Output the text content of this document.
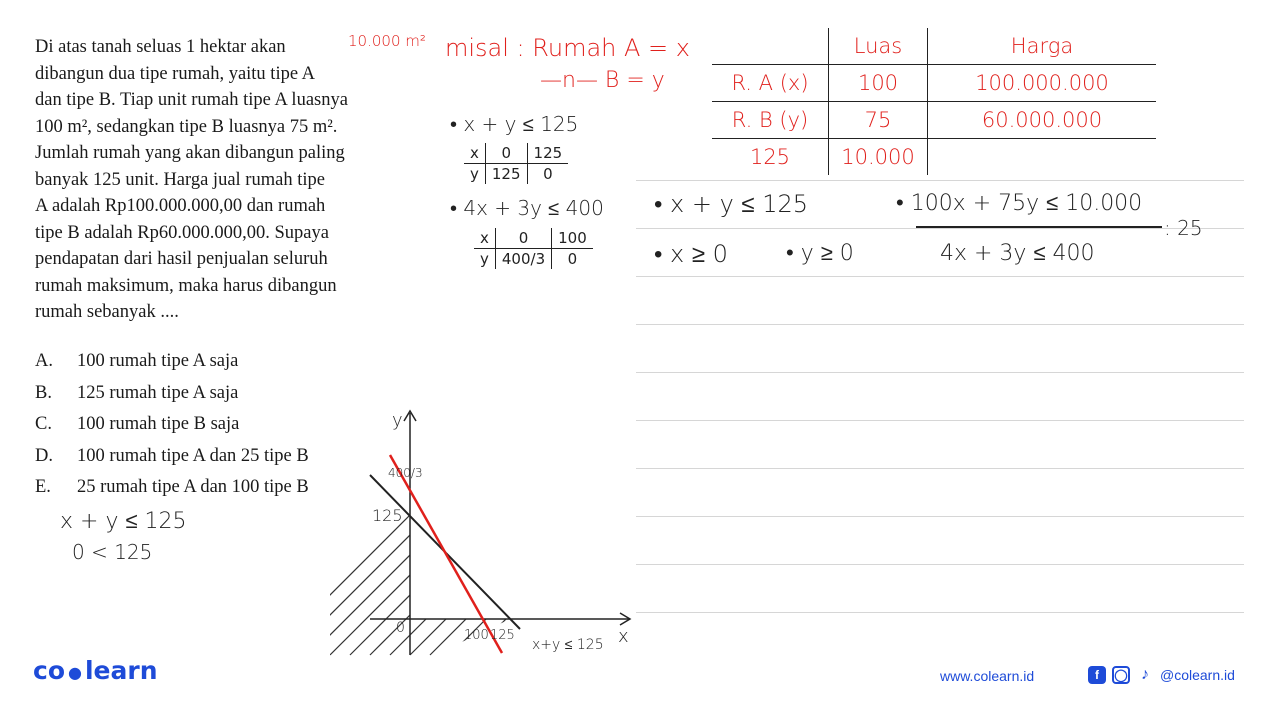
Di atas tanah seluas 1 hektar akan
dibangun dua tipe rumah, yaitu tipe A
dan tipe B. Tiap unit rumah tipe A luasnya
100 m², sedangkan tipe B luasnya 75 m².
Jumlah rumah yang akan dibangun paling
banyak 125 unit. Harga jual rumah tipe
A adalah Rp100.000.000,00 dan rumah
tipe B adalah Rp60.000.000,00. Supaya
pendapatan dari hasil penjualan seluruh
rumah maksimum, maka harus dibangun
rumah sebanyak ....

A.	100 rumah tipe A saja
B.	125 rumah tipe A saja
C.	100 rumah tipe B saja
D.	100 rumah tipe A dan 25 tipe B
E.	25 rumah tipe A dan 100 tipe B
10.000 m² misal : Rumah A = x
—n— B = y
• x + y ≤ 125
x	0	125
y	125	0
• 4x + 3y ≤ 400
x	0	100
y	400/3	0
x + y ≤ 125
0 < 125
	Luas	Harga
R. A (x)	100	100.000.000
R. B (y)	75	60.000.000
125	10.000	
• x + y ≤ 125	• 100x + 75y ≤ 10.000
: 25
• x ≥ 0	• y ≥ 0	4x + 3y ≤ 400
y
400/3
125
0	100 125
x+y ≤ 125 x
co ● learn	www.colearn.id	f	◯ ♪ @colearn.id
